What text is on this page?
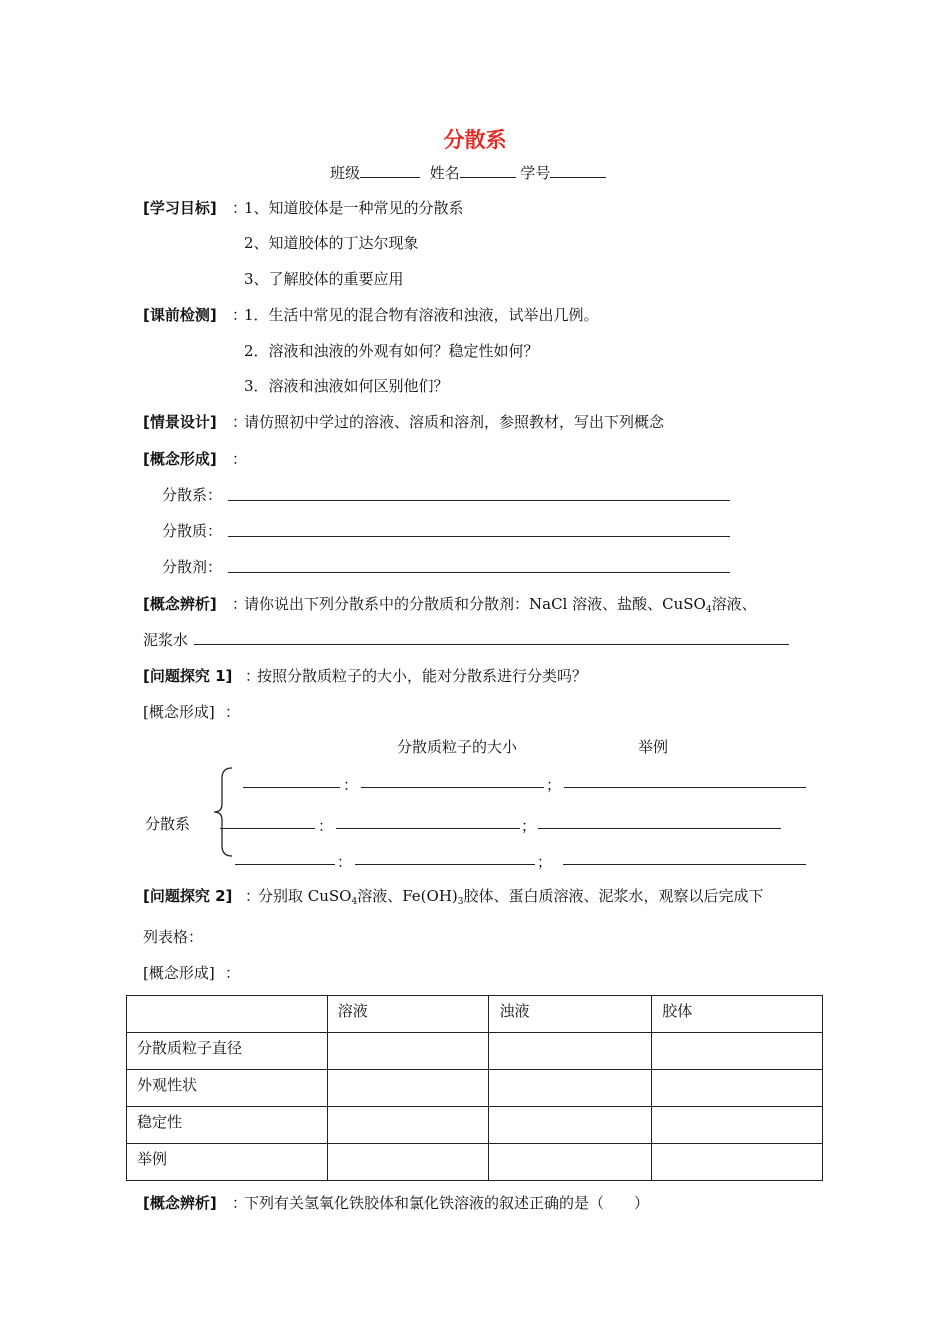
分散系
班级	姓名	学号
[学习目标] ：
1、知道胶体是一种常见的分散系
2、知道胶体的丁达尔现象
3、了解胶体的重要应用
[课前检测] ：
1．生活中常见的混合物有溶液和浊液，试举出几例。
2．溶液和浊液的外观有如何？稳定性如何？
3．溶液和浊液如何区别他们？
[情景设计] ：
请仿照初中学过的溶液、溶质和溶剂，参照教材，写出下列概念
[概念形成] ：
分散系：
分散质：
分散剂：
[概念辨析] ：
请你说出下列分散系中的分散质和分散剂：NaCl 溶液、盐酸、CuSO$_4$溶液、
泥浆水
[问题探究 1] ：
按照分散质粒子的大小，能对分散系进行分类吗？
[概念形成] ：
分散质粒子的大小	举例
分散系
：	；
：	；
：	；
[问题探究 2] ：
分别取 CuSO$_4$溶液、$Fe(OH)_3$胶体、蛋白质溶液、泥浆水，观察以后完成下
列表格：
[概念形成] ：
	溶液	浊液	胶体
分散质粒子直径			
外观性状			
稳定性			
举例			
[概念辨析] ：
下列有关氢氧化铁胶体和氯化铁溶液的叙述正确的是（　　）
